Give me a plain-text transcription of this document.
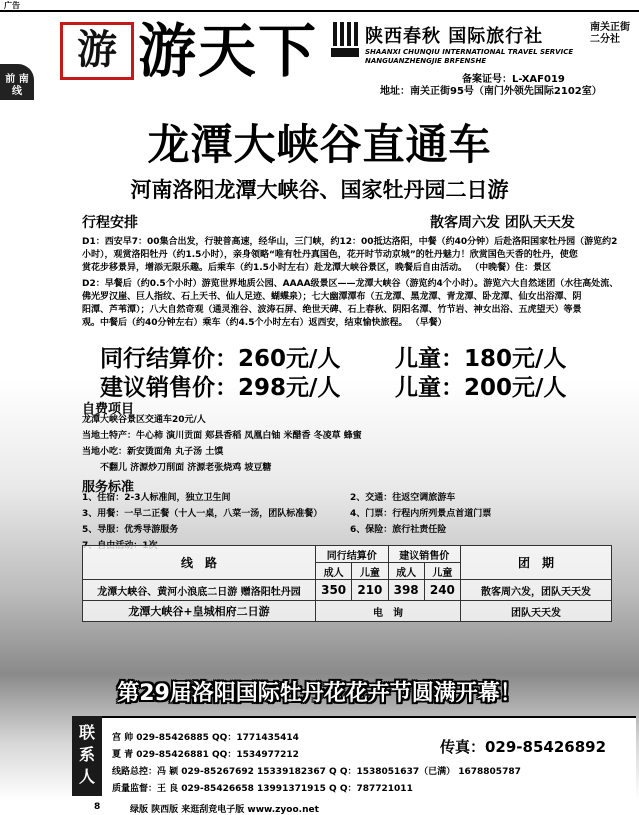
广告
前 南 线
游 游天下	陕西春秋 国际旅行社	南关正街 二分社
SHAANXI CHUNQIU INTERNATIONAL TRAVEL SERVICE NANGUANZHENGJIE BRFENSHE
备案证号：L-XAF019
地址：南关正街95号（南门外领先国际2102室）
龙潭大峡谷直通车
河南洛阳龙潭大峡谷、国家牡丹园二日游
行程安排	散客周六发 团队天天发
D1：西安早7：00集合出发，行驶普高速，经华山，三门峡，约12：00抵达洛阳，中餐（约40分钟）后赴洛阳国家牡丹园（游览约2
小时），观赏洛阳牡丹（约1.5小时），亲身领略“唯有牡丹真国色，花开时节动京城”的牡丹魅力！欣赏国色天香的牡丹，使您
赏花步移景异，增添无限乐趣。后乘车（约1.5小时左右）赴龙潭大峡谷景区，晚餐后自由活动。 （中晚餐）住：景区
D2：早餐后（约0.5个小时）游览世界地质公园、AAAA级景区——龙潭大峡谷（游览约4个小时）。游览六大自然迷团（水往高处流、
佛光罗汉崖、巨人指纹、石上天书、仙人足迹、蝴蝶泉）；七大幽潭潭布（五龙潭、黑龙潭、青龙潭、卧龙潭、仙女出浴潭、阴
阳潭、芦苇潭）；八大自然奇观（通灵淮谷、波涛石屏、绝世天碑、石上春秋、阴阳名潭、竹节岩、神女出浴、五虎望天）等景
观。中餐后（约40分钟左右）乘车（约4.5个小时左右）返西安，结束愉快旅程。 （早餐）
同行结算价：260元/人 儿童：180元/人
建议销售价：298元/人 儿童：200元/人
自费项目
龙潭大峡谷景区交通车20元/人
当地土特产：牛心柿 演川贡面 郏县香稻 凤凰白铀 米醋香 冬凌草 蜂蜜
当地小吃：新安烫面角 丸子汤 土馍
不翻儿 济源炒刀削面 济源老张烧鸡 坡豆糖
服务标准
1、住宿：2-3人标准间，独立卫生间
3、用餐：一早二正餐（十人一桌，八菜一汤，团队标准餐）
5、导服：优秀导游服务
2、交通：往返空调旅游车
4、门票：行程内所列景点首道门票
6、保险：旅行社责任险
线　路	同行结算价		建议销售价		团　期
	成人	儿童	成人	儿童	
龙潭大峡谷、黄河小浪底二日游 赠洛阳牡丹园	350	210	398	240	散客周六发，团队天天发
龙潭大峡谷+皇城相府二日游	电　询				团队天天发
第29届洛阳国际牡丹花花卉节圆满开幕！
联系人
宫 帅 029-85426885 QQ：1771435414
夏 青 029-85426881 QQ：1534977212	传真：029-85426892
线路总控：冯 颖 029-85267692 15339182367 Q Q：1538051637（已满） 1678805787
质量监督：王 良 029-85426658 13991371915 Q Q：787721011
8	绿版 陕西版 来逛刮竞电子版 www.zyoo.net
